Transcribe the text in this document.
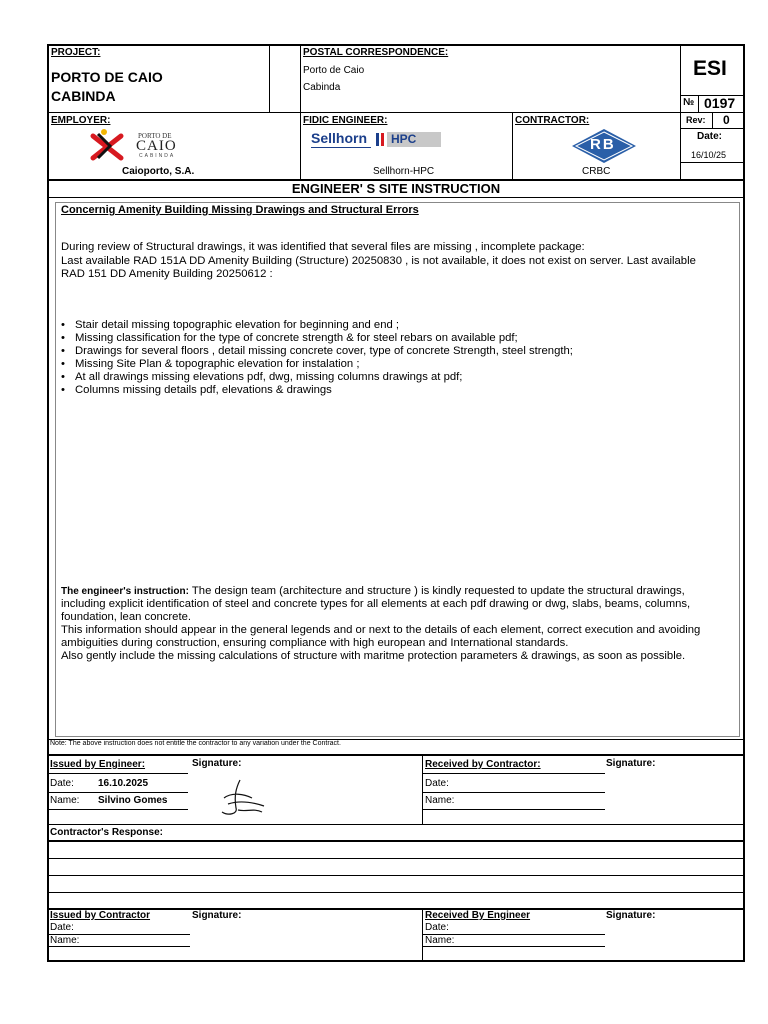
PROJECT:
PORTO DE CAIO
CABINDA
POSTAL CORRESPONDENCE:
Porto de Caio
Cabinda
ESI
№ 0197
EMPLOYER:
PORTO DE
CAIO
CABINDA
Caioporto, S.A.
FIDIC ENGINEER:
Sellhorn HPC
Sellhorn-HPC
CONTRACTOR:
RB
CRBC
Rev: 0
Date:
16/10/25
ENGINEER' S SITE INSTRUCTION
Concernig Amenity Building Missing Drawings and Structural Errors
During review of Structural drawings, it was identified that several files are missing , incomplete package:
Last available RAD 151A DD Amenity Building (Structure) 20250830 , is not available, it does not exist on server. Last available
RAD 151 DD Amenity Building 20250612 :
• Stair detail missing topographic elevation for beginning and end ;
• Missing classification for the type of concrete strength & for steel rebars on available pdf;
• Drawings for several floors , detail missing concrete cover, type of concrete Strength, steel strength;
• Missing Site Plan & topographic elevation for instalation ;
• At all drawings missing elevations pdf, dwg, missing columns drawings at pdf;
• Columns missing details pdf, elevations & drawings
The engineer's instruction: The design team (architecture and structure ) is kindly requested to update the structural drawings,
including explicit identification of steel and concrete types for all elements at each pdf drawing or dwg, slabs, beams, columns,
foundation, lean concrete.
This information should appear in the general legends and or next to the details of each element, correct execution and avoiding
ambiguities during construction, ensuring compliance with high european and International standards.
Also gently include the missing calculations of structure with maritme protection parameters & drawings, as soon as possible.
Note: The above instruction does not entitle the contractor to any variation under the Contract.
Issued by Engineer:	Signature:
Date: 16.10.2025
Name: Silvino Gomes
Received by Contractor:	Signature:
Date:
Name:
Contractor's Response:
Issued by Contractor	Signature:
Date:
Name:
Received By Engineer	Signature:
Date:
Name:
